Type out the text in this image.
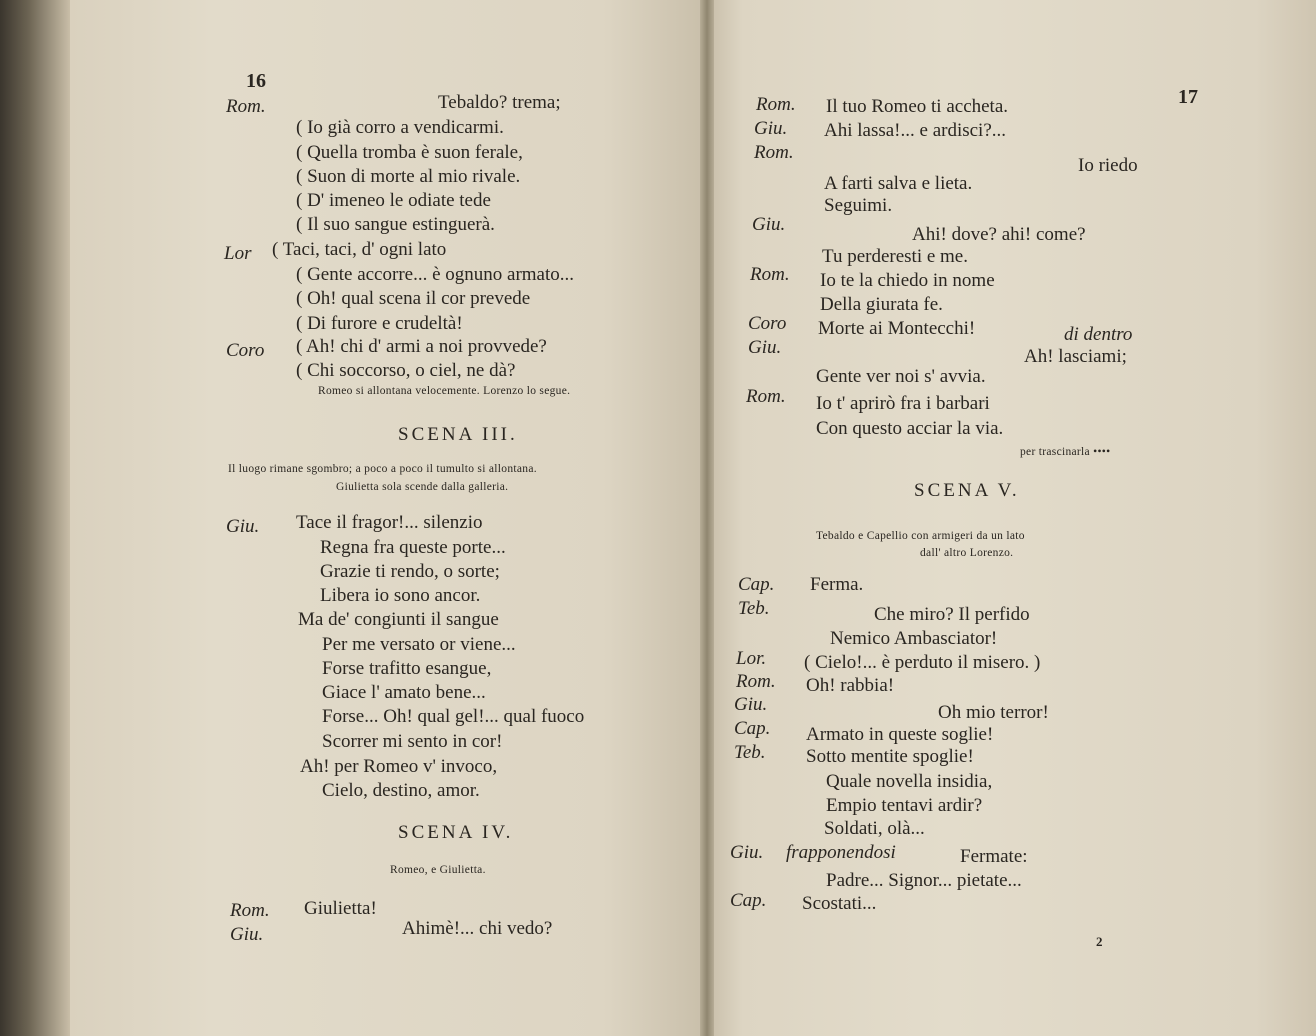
16
Rom.	Tebaldo? trema;
( Io già corro a vendicarmi.
( Quella tromba è suon ferale,
( Suon di morte al mio rivale.
( D' imeneo le odiate tede
( Il suo sangue estinguerà.
Lor ( Taci, taci, d' ogni lato
( Gente accorre... è ognuno armato...
( Oh! qual scena il cor prevede
( Di furore e crudeltà!
Coro ( Ah! chi d' armi a noi provvede?
( Chi soccorso, o ciel, ne dà?
Romeo si allontana velocemente. Lorenzo lo segue.
SCENA III.
Il luogo rimane sgombro; a poco a poco il tumulto si allontana.
Giulietta sola scende dalla galleria.
Giu. Tace il fragor!... silenzio
Regna fra queste porte...
Grazie ti rendo, o sorte;
Libera io sono ancor.
Ma de' congiunti il sangue
Per me versato or viene...
Forse trafitto esangue,
Giace l' amato bene...
Forse... Oh! qual gel!... qual fuoco
Scorrer mi sento in cor!
Ah! per Romeo v' invoco,
Cielo, destino, amor.
SCENA IV.
Romeo, e Giulietta.
Rom. Giulietta!
Giu.	Ahimè!... chi vedo?
17
Rom. Il tuo Romeo ti accheta.
Giu. Ahi lassa!... e ardisci?...
Rom.
Io riedo
A farti salva e lieta.
Seguimi.
Giu.	Ahi! dove? ahi! come?
Tu perderesti e me.
Rom. Io te la chiedo in nome
Della giurata fe.
Coro Morte ai Montecchi!	di dentro
Giu.	Ah! lasciami;
Gente ver noi s' avvia.
Rom. Io t' aprirò fra i barbari
Con questo acciar la via.
per trascinarla ••••
SCENA V.
Tebaldo e Capellio con armigeri da un lato
dall' altro Lorenzo.
Cap. Ferma.
Teb.	Che miro? Il perfido
Nemico Ambasciator!
Lor. ( Cielo!... è perduto il misero. )
Rom. Oh! rabbia!
Giu.	Oh mio terror!
Cap. Armato in queste soglie!
Teb. Sotto mentite spoglie!
Quale novella insidia,
Empio tentavi ardir?
Soldati, olà...
Giu. frapponendosi	Fermate:
Padre... Signor... pietate...
Cap. Scostati...
2
